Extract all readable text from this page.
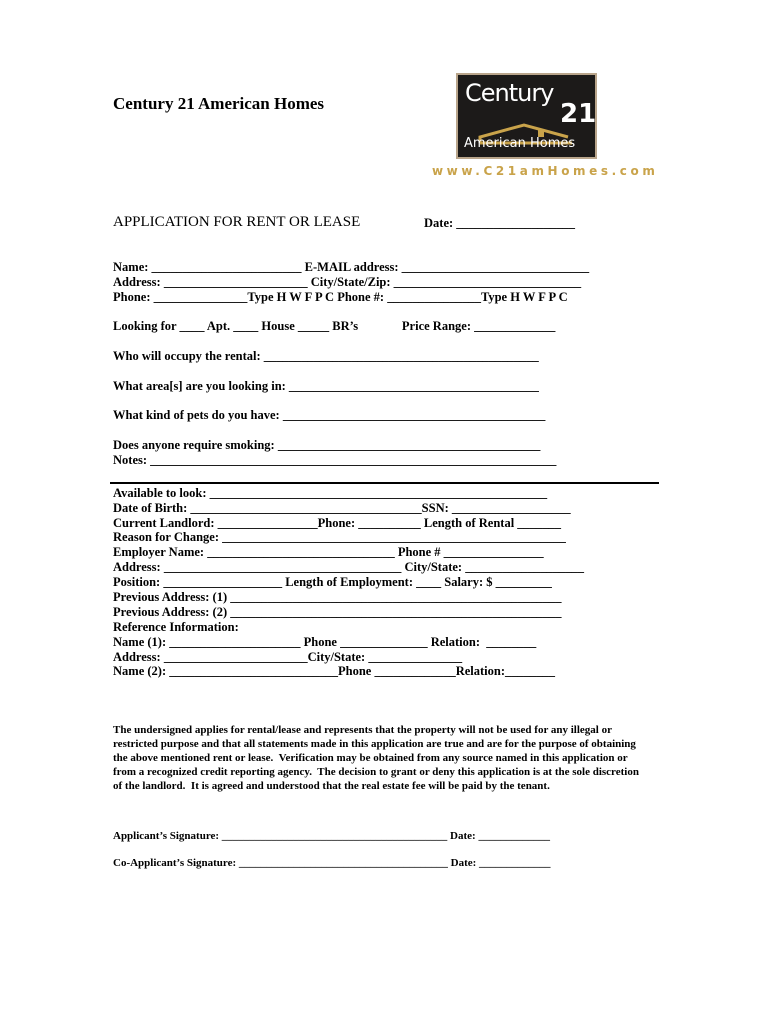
Century 21 American Homes

	Century

21

American Homes

www.C21amHomes.com
APPLICATION FOR RENT OR LEASE	Date: ___________________
Name: ________________________ E-MAIL address: ______________________________
Address: _______________________ City/State/Zip: ______________________________
Phone: _______________Type H W F P C Phone #: _______________Type H W F P C
Looking for ____ Apt. ____ House _____ BR’s              Price Range: _____________
Who will occupy the rental: ____________________________________________
What area[s] are you looking in: ________________________________________
What kind of pets do you have: __________________________________________
Does anyone require smoking: __________________________________________
Notes: _________________________________________________________________
Available to look: ______________________________________________________
Date of Birth: _____________________________________SSN: ___________________
Current Landlord: ________________Phone: __________ Length of Rental _______
Reason for Change: _______________________________________________________
Employer Name: ______________________________ Phone # ________________
Address: ______________________________________ City/State: ___________________
Position: ___________________ Length of Employment: ____ Salary: $ _________
Previous Address: (1) _____________________________________________________
Previous Address: (2) _____________________________________________________
Reference Information:
Name (1): _____________________ Phone ______________ Relation:  ________
Address: _______________________City/State: _______________
Name (2): ___________________________Phone _____________Relation:________
The undersigned applies for rental/lease and represents that the property will not be used for any illegal or
restricted purpose and that all statements made in this application are true and are for the purpose of obtaining
the above mentioned rent or lease.  Verification may be obtained from any source named in this application or
from a recognized credit reporting agency.  The decision to grant or deny this application is at the sole discretion
of the landlord.  It is agreed and understood that the real estate fee will be paid by the tenant.
Applicant’s Signature: _________________________________________ Date: _____________
Co-Applicant’s Signature: ______________________________________ Date: _____________
